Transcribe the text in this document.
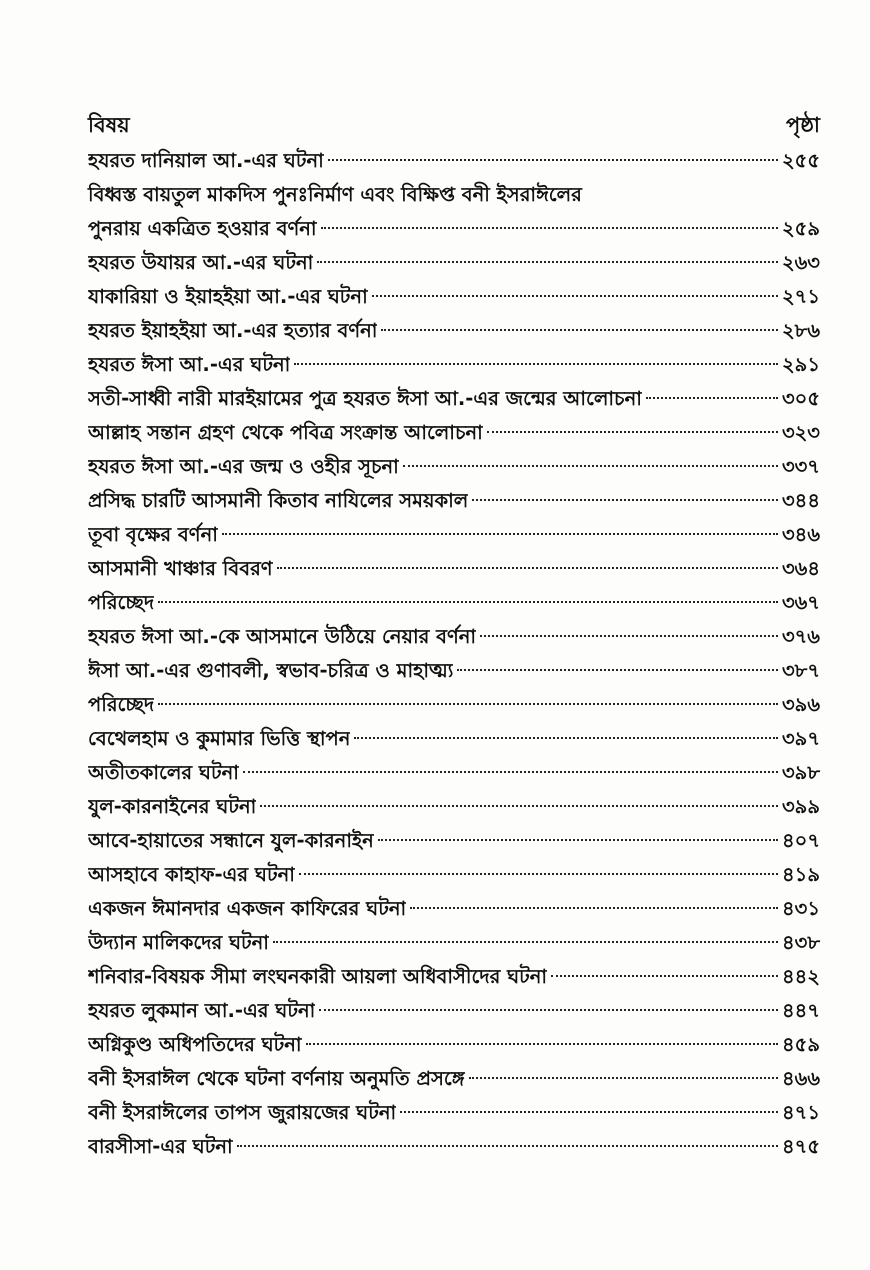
বিষয়	পৃষ্ঠা
হযরত দানিয়াল আ.-এর ঘটনা	২৫৫
বিধ্বস্ত বায়তুল মাকদিস পুনঃনির্মাণ এবং বিক্ষিপ্ত বনী ইসরাঈলের
পুনরায় একত্রিত হওয়ার বর্ণনা	২৫৯
হযরত উযায়র আ.-এর ঘটনা	২৬৩
যাকারিয়া ও ইয়াহইয়া আ.-এর ঘটনা	২৭১
হযরত ইয়াহইয়া আ.-এর হত্যার বর্ণনা	২৮৬
হযরত ঈসা আ.-এর ঘটনা	২৯১
সতী-সাধ্বী নারী মারইয়ামের পুত্র হযরত ঈসা আ.-এর জন্মের আলোচনা	৩০৫
আল্লাহ সন্তান গ্রহণ থেকে পবিত্র সংক্রান্ত আলোচনা	৩২৩
হযরত ঈসা আ.-এর জন্ম ও ওহীর সূচনা	৩৩৭
প্রসিদ্ধ চারটি আসমানী কিতাব নাযিলের সময়কাল	৩৪৪
তূবা বৃক্ষের বর্ণনা	৩৪৬
আসমানী খাঞ্চার বিবরণ	৩৬৪
পরিচ্ছেদ	৩৬৭
হযরত ঈসা আ.-কে আসমানে উঠিয়ে নেয়ার বর্ণনা	৩৭৬
ঈসা আ.-এর গুণাবলী, স্বভাব-চরিত্র ও মাহাত্ম্য	৩৮৭
পরিচ্ছেদ	৩৯৬
বেথেলহাম ও কুমামার ভিত্তি স্থাপন	৩৯৭
অতীতকালের ঘটনা	৩৯৮
যুল-কারনাইনের ঘটনা	৩৯৯
আবে-হায়াতের সন্ধানে যুল-কারনাইন	৪০৭
আসহাবে কাহাফ-এর ঘটনা	৪১৯
একজন ঈমানদার একজন কাফিরের ঘটনা	৪৩১
উদ্যান মালিকদের ঘটনা	৪৩৮
শনিবার-বিষয়ক সীমা লংঘনকারী আয়লা অধিবাসীদের ঘটনা	৪৪২
হযরত লুকমান আ.-এর ঘটনা	৪৪৭
অগ্নিকুণ্ড অধিপতিদের ঘটনা	৪৫৯
বনী ইসরাঈল থেকে ঘটনা বর্ণনায় অনুমতি প্রসঙ্গে	৪৬৬
বনী ইসরাঈলের তাপস জুরায়জের ঘটনা	৪৭১
বারসীসা-এর ঘটনা	৪৭৫
